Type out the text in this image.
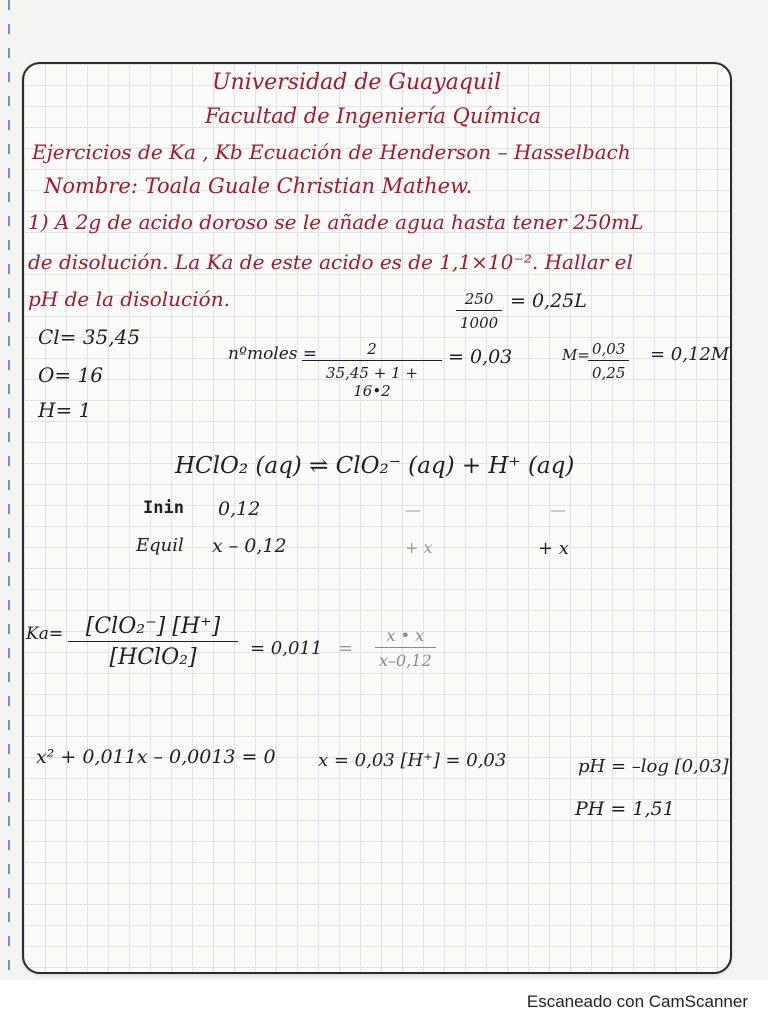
Universidad de Guayaquil
Facultad de Ingeniería Química
Ejercicios de Ka , Kb Ecuación de Henderson – Hasselbach
Nombre: Toala Guale Christian Mathew.
1) A 2g de acido doroso se le añade agua hasta tener 250mL
de disolución. La Ka de este acido es de 1,1×10⁻². Hallar el
pH de la disolución.	$\frac{250}{1000} = 0,25L$
Cl= 35,45
O= 16
H= 1
nºmoles =
$\frac{2}{35,45 + 1 + 16•2} = 0,03$	M=
$\frac{0,03}{0,25} = 0,12M$
HClO₂ (aq) ⇌ ClO₂⁻ (aq) + H⁺ (aq)
Inin 0,12	—	—
Equil x – 0,12	+ x	+ x
Ka=	[ClO₂⁻] [H⁺]
[HClO₂]	= $0,011 = \frac{x • x}{x-0,12}$
x² + 0,011x – 0,0013 = 0 x = 0,03 [H⁺] = 0,03	pH = –log [0,03]
PH = 1,51
Escaneado con CamScanner
